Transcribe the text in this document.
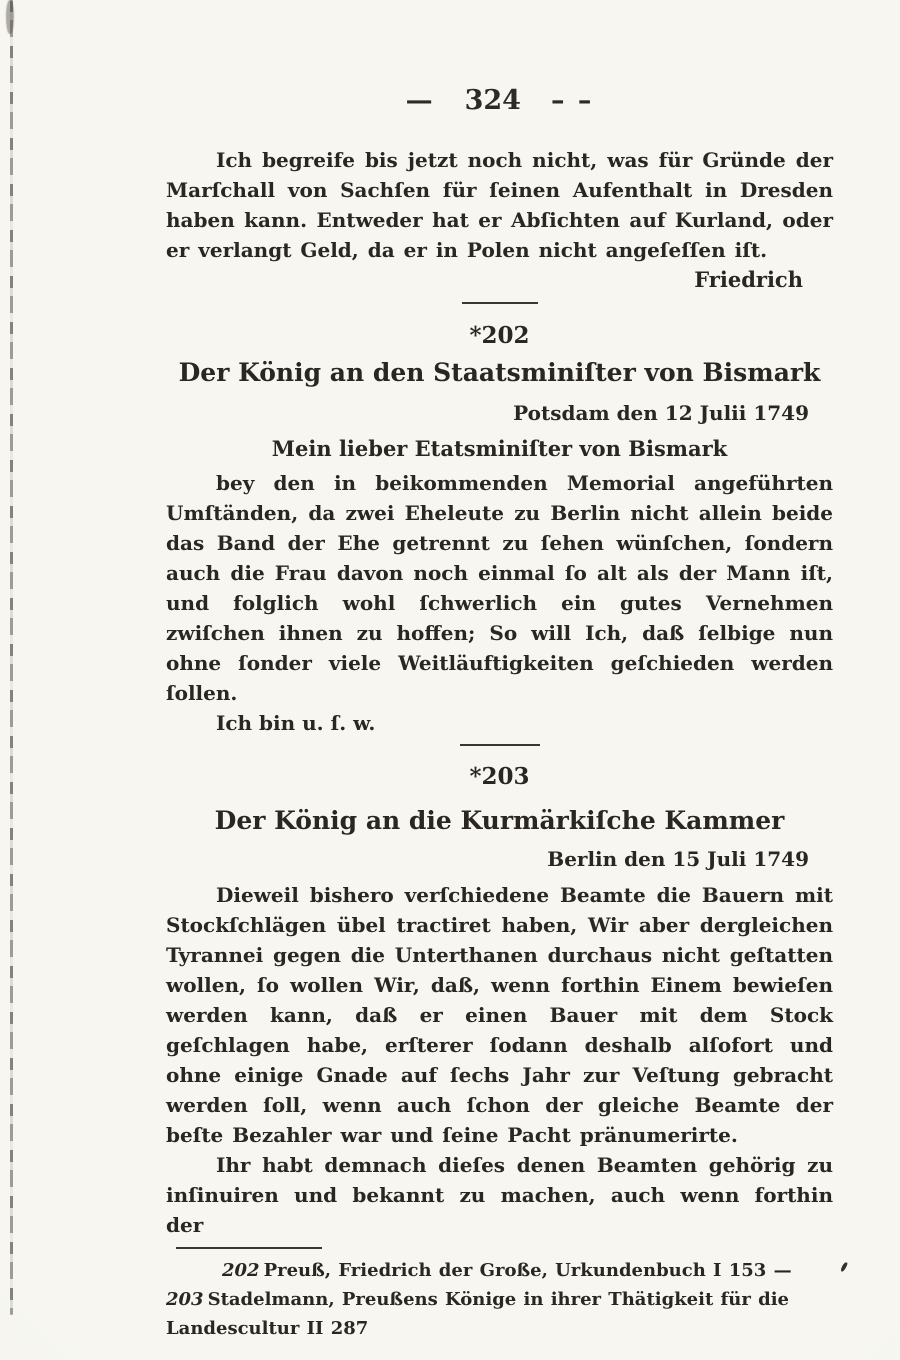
— 324 – –
Ich begreife bis jetzt noch nicht, was für Gründe der Marſchall von Sachſen für ſeinen Aufenthalt in Dresden haben kann. Entweder hat er Abſichten auf Kurland, oder er verlangt Geld, da er in Polen nicht angeſeſſen iſt.
Friedrich
*202
Der König an den Staatsminiſter von Bismark
Potsdam den 12 Julii 1749
Mein lieber Etatsminiſter von Bismark
bey den in beikommenden Memorial angeführten Umſtänden, da zwei Eheleute zu Berlin nicht allein beide das Band der Ehe getrennt zu ſehen wünſchen, ſondern auch die Frau davon noch einmal ſo alt als der Mann iſt, und folglich wohl ſchwerlich ein gutes Vernehmen zwiſchen ihnen zu hoffen; So will Ich, daß ſelbige nun ohne ſonder viele Weitläuftigkeiten geſchieden werden ſollen.
Ich bin u. ſ. w.
*203
Der König an die Kurmärkiſche Kammer
Berlin den 15 Juli 1749
Dieweil bishero verſchiedene Beamte die Bauern mit Stockſchlägen übel tractiret haben, Wir aber dergleichen Tyrannei gegen die Unterthanen durchaus nicht geſtatten wollen, ſo wollen Wir, daß, wenn forthin Einem bewieſen werden kann, daß er einen Bauer mit dem Stock geſchlagen habe, erſterer ſodann deshalb alſofort und ohne einige Gnade auf ſechs Jahr zur Veſtung gebracht werden ſoll, wenn auch ſchon der gleiche Beamte der beſte Bezahler war und ſeine Pacht pränumerirte.
Ihr habt demnach dieſes denen Beamten gehörig zu inſinuiren und bekannt zu machen, auch wenn forthin der
202 Preuß, Friedrich der Große, Urkundenbuch I 153 —
203 Stadelmann, Preußens Könige in ihrer Thätigkeit für die
Landescultur II 287
